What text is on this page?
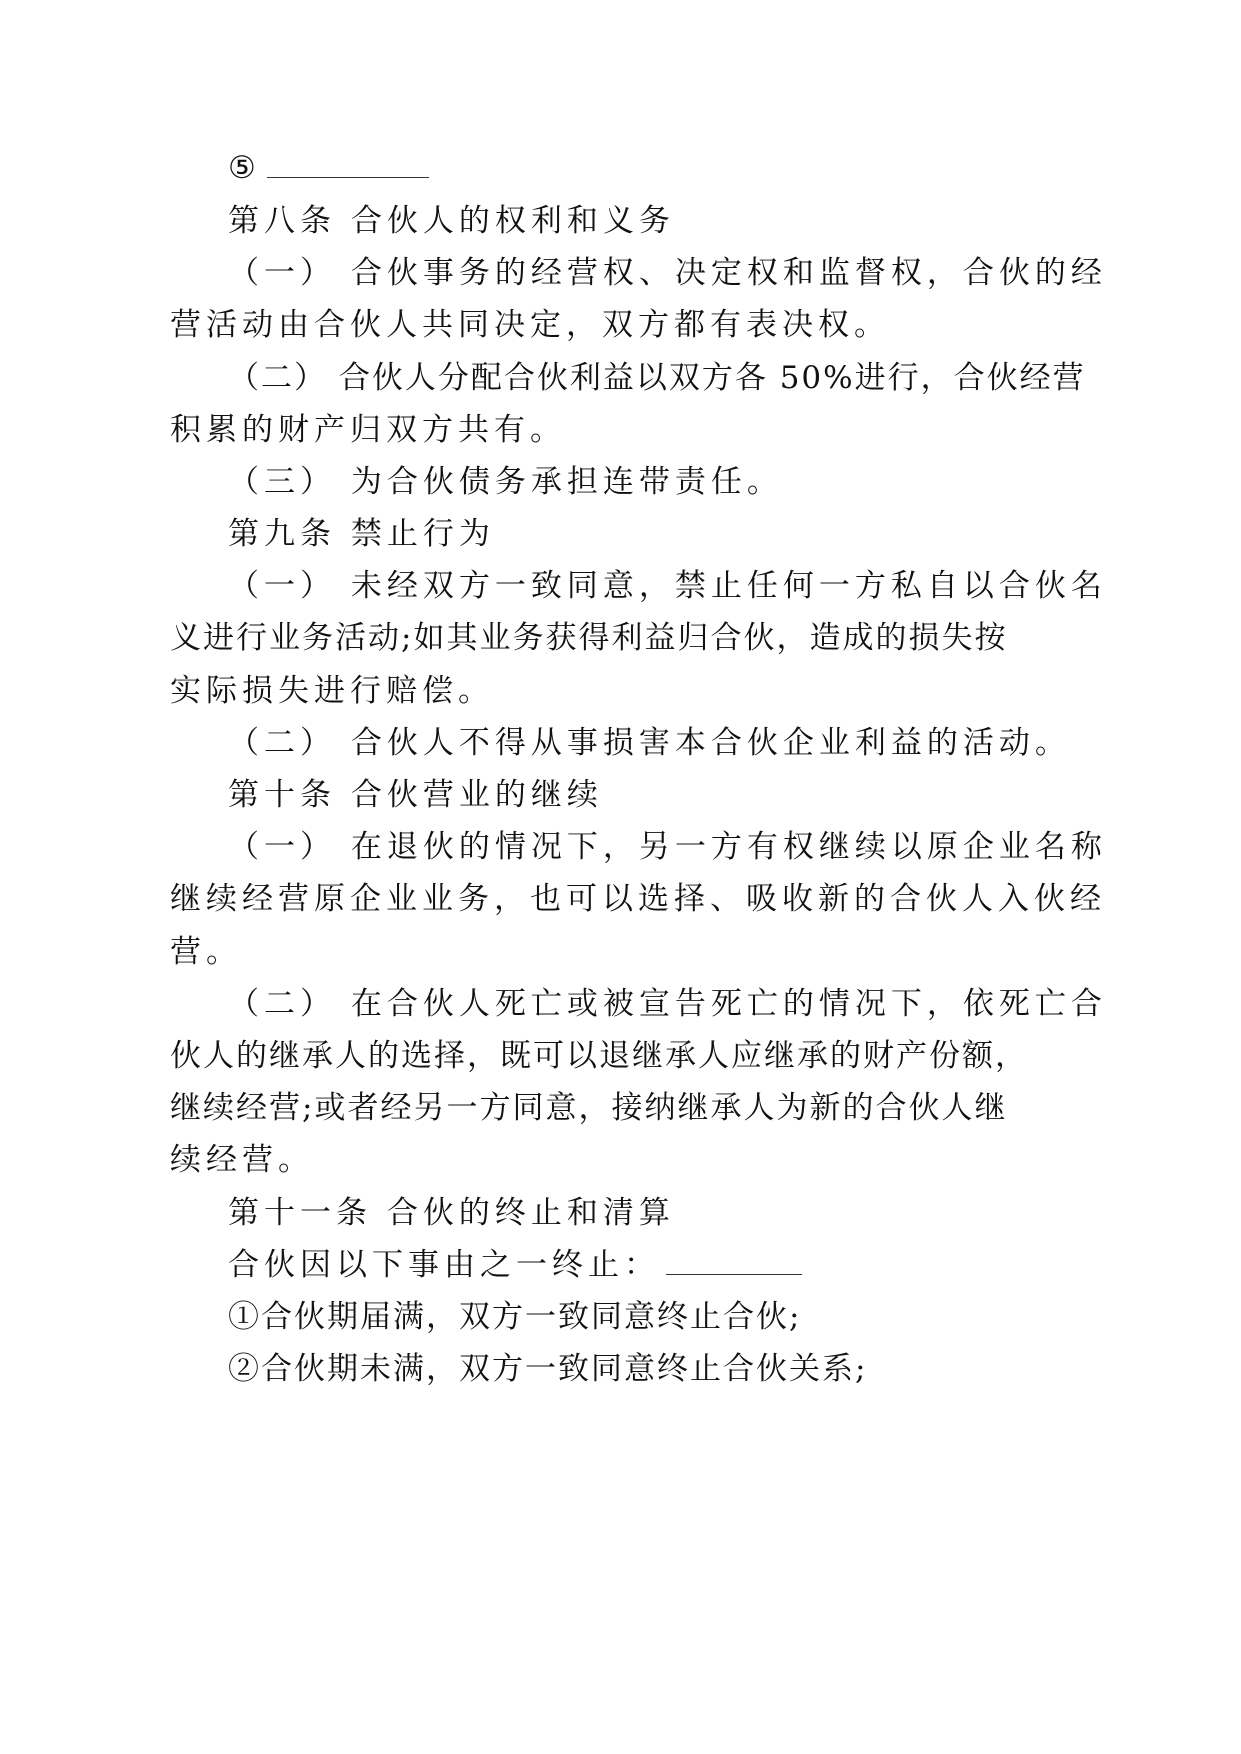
⑤
第八条 合伙人的权利和义务
（一） 合伙事务的经营权、决定权和监督权，合伙的经
营活动由合伙人共同决定，双方都有表决权。
（二） 合伙人分配合伙利益以双方各 50%进行，合伙经营
积累的财产归双方共有。
（三） 为合伙债务承担连带责任。
第九条 禁止行为
（一） 未经双方一致同意，禁止任何一方私自以合伙名
义进行业务活动;如其业务获得利益归合伙，造成的损失按
实际损失进行赔偿。
（二） 合伙人不得从事损害本合伙企业利益的活动。
第十条 合伙营业的继续
（一） 在退伙的情况下，另一方有权继续以原企业名称
继续经营原企业业务，也可以选择、吸收新的合伙人入伙经
营。
（二） 在合伙人死亡或被宣告死亡的情况下，依死亡合
伙人的继承人的选择，既可以退继承人应继承的财产份额，
继续经营;或者经另一方同意，接纳继承人为新的合伙人继
续经营。
第十一条 合伙的终止和清算
合伙因以下事由之一终止：
①合伙期届满，双方一致同意终止合伙;
②合伙期未满，双方一致同意终止合伙关系;
